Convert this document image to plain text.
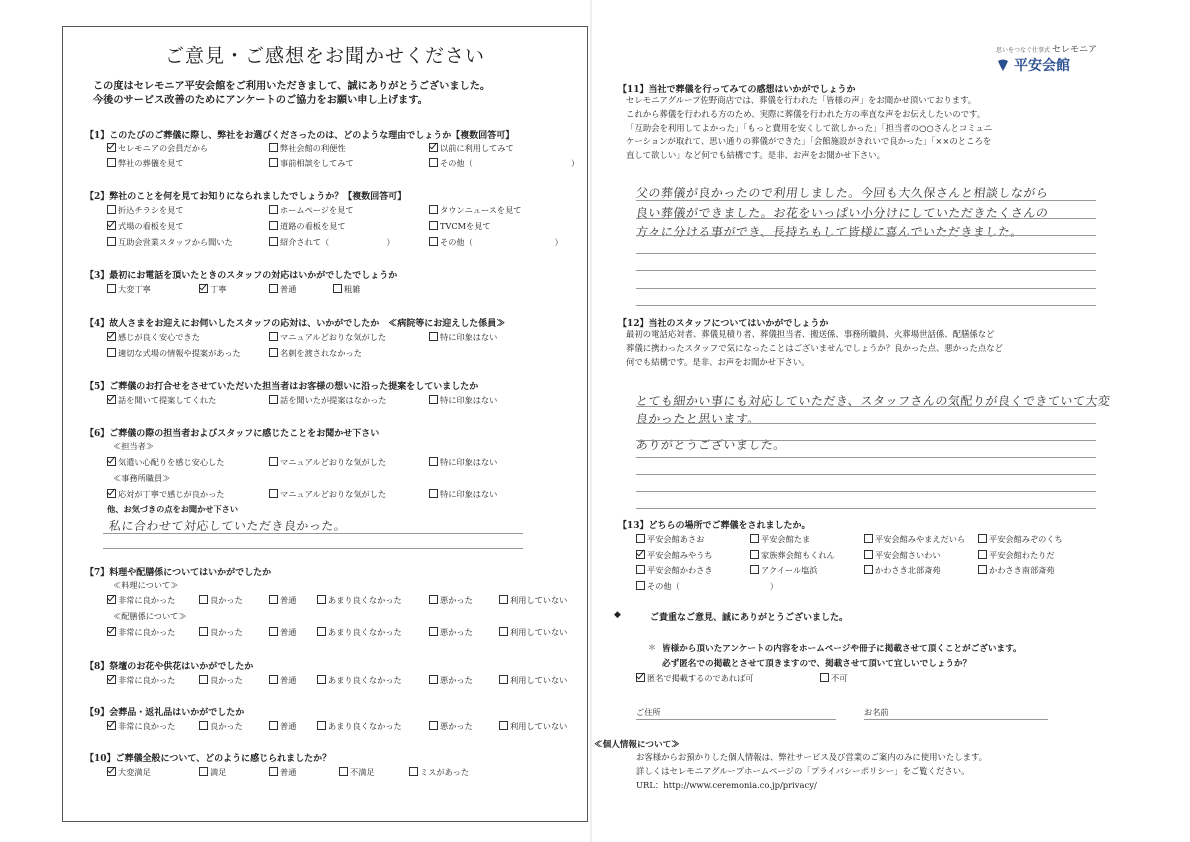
ご意見・ご感想をお聞かせください
この度はセレモニア平安会館をご利用いただきまして、誠にありがとうございました。
今後のサービス改善のためにアンケートのご協力をお願い申し上げます。
【1】このたびのご葬儀に際し、弊社をお選びくださったのは、どのような理由でしょうか【複数回答可】
セレモニアの会員だから	弊社会館の利便性	以前に利用してみて
弊社の葬儀を見て	事前相談をしてみて	その他（　　　　　　　　　　　　）
【2】弊社のことを何を見てお知りになられましたでしょうか？【複数回答可】
折込チラシを見て	ホームページを見て	タウンニュースを見て
式場の看板を見て	道路の看板を見て	TVCMを見て
互助会営業スタッフから聞いた	紹介されて（　　　　　　　）	その他（　　　　　　　　　　）
【3】最初にお電話を頂いたときのスタッフの対応はいかがでしたでしょうか
大変丁寧	丁寧	普通	粗雑
【4】故人さまをお迎えにお伺いしたスタッフの応対は、いかがでしたか　≪病院等にお迎えした係員≫
感じが良く安心できた	マニュアルどおりな気がした	特に印象はない
適切な式場の情報や提案があった	名刺を渡されなかった
【5】ご葬儀のお打合せをさせていただいた担当者はお客様の想いに沿った提案をしていましたか
話を聞いて提案してくれた	話を聞いたが提案はなかった	特に印象はない
【6】ご葬儀の際の担当者およびスタッフに感じたことをお聞かせ下さい
≪担当者≫
気遣い心配りを感じ安心した	マニュアルどおりな気がした	特に印象はない
≪事務所職員≫
応対が丁寧で感じが良かった	マニュアルどおりな気がした	特に印象はない
他、お気づきの点をお聞かせ下さい
私に合わせて対応していただき良かった。
【7】料理や配膳係についてはいかがでしたか
≪料理について≫
≪配膳係について≫
【8】祭壇のお花や供花はいかがでしたか
【9】会葬品・返礼品はいかがでしたか
【10】ご葬儀全般について、どのように感じられましたか？
非常に良かった	良かった	普通	あまり良くなかった	悪かった	利用していない
非常に良かった	良かった	普通	あまり良くなかった	悪かった	利用していない
非常に良かった	良かった	普通	あまり良くなかった	悪かった	利用していない
非常に良かった	良かった	普通	あまり良くなかった	悪かった	利用していない
大変満足	満足	普通	不満足	ミスがあった
思いをつなぐ仕事式 セレモニア
平安会館
【11】当社で葬儀を行ってみての感想はいかがでしょうか
セレモニアグループ佐野商店では、葬儀を行われた「皆様の声」をお聞かせ頂いております。
これから葬儀を行われる方のため、実際に葬儀を行われた方の率直な声をお伝えしたいのです。
「互助会を利用してよかった」「もっと費用を安くして欲しかった」「担当者の○○さんとコミュニ
ケーションが取れて、思い通りの葬儀ができた」「会館施設がきれいで良かった」「××のところを
直して欲しい」など何でも結構です。是非、お声をお聞かせ下さい。
父の葬儀が良かったので利用しました。今回も大久保さんと相談しながら
良い葬儀ができました。お花をいっぱい小分けにしていただきたくさんの
方々に分ける事ができ、長持ちもして皆様に喜んでいただきました。
【12】当社のスタッフについてはいかがでしょうか
最初の電話応対者、葬儀見積り者、葬儀担当者、搬送係、事務所職員、火葬場世話係、配膳係など
葬儀に携わったスタッフで気になったことはございませんでしょうか？良かった点、悪かった点など
何でも結構です。是非、お声をお聞かせ下さい。
とても細かい事にも対応していただき、スタッフさんの気配りが良くできていて大変
良かったと思います。
ありがとうございました。
【13】どちらの場所でご葬儀をされましたか。
◆	ご貴重なご意見、誠にありがとうございました。
＊ 皆様から頂いたアンケートの内容をホームページや冊子に掲載させて頂くことがございます。
必ず匿名での掲載とさせて頂きますので、掲載させて頂いて宜しいでしょうか？
匿名で掲載するのであれば可	不可
ご住所	お名前
≪個人情報について≫
お客様からお預かりした個人情報は、弊社サービス及び営業のご案内のみに使用いたします。
詳しくはセレモニアグループホームページの「プライバシーポリシー」をご覧ください。
URL：http://www.ceremonia.co.jp/privacy/
平安会館あさお	平安会館たま	平安会館みやまえだいら	平安会館みぞのくち
平安会館みやうち	家族葬会館もくれん	平安会館さいわい	平安会館わたりだ
平安会館かわさき	アクイール塩浜	かわさき北部斎苑	かわさき南部斎苑
その他（　　　　　　　　　　　）
